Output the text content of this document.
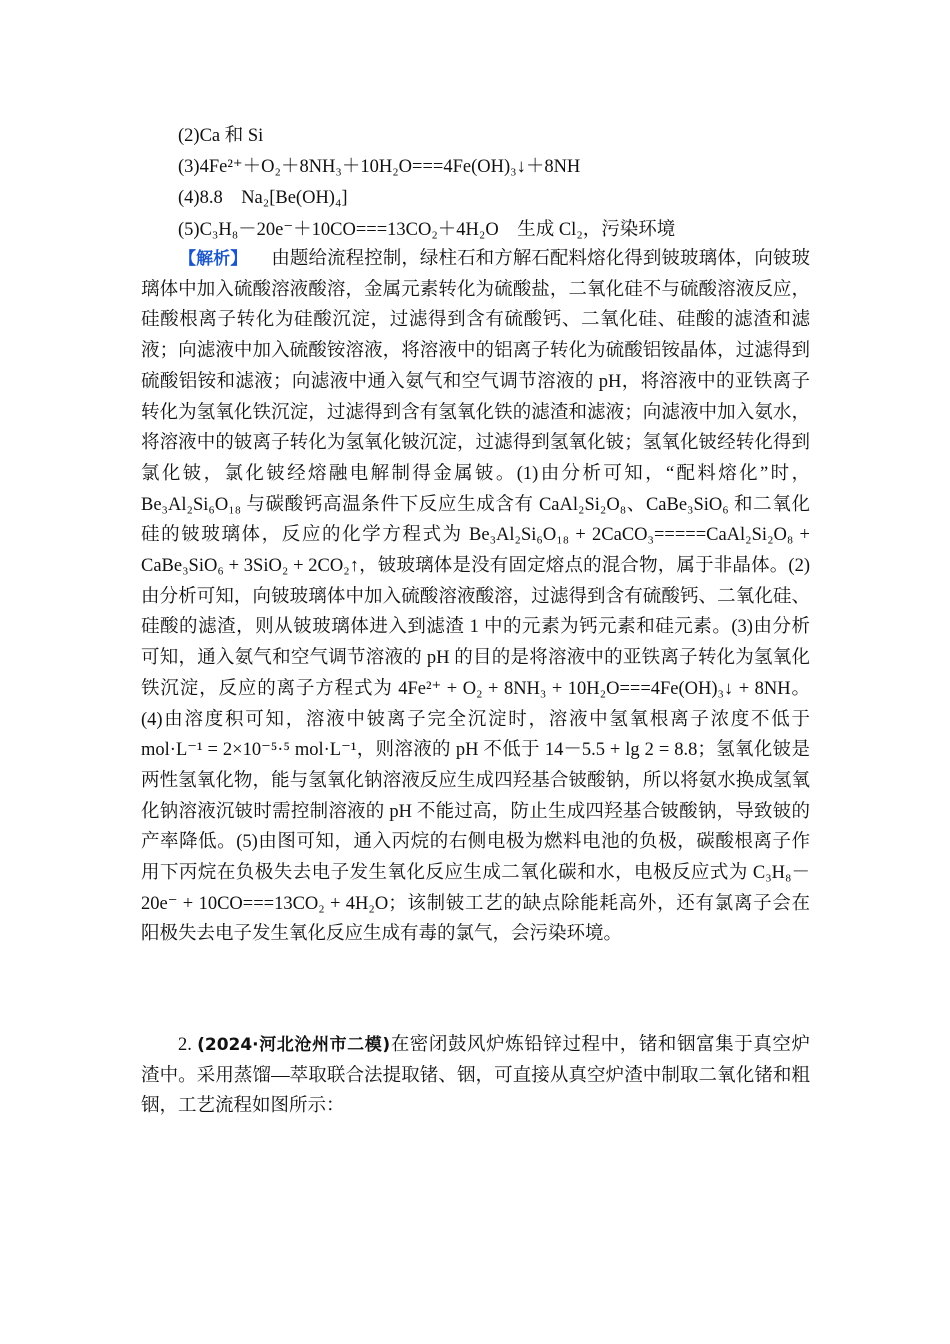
(2)Ca 和 Si
(3)4Fe²⁺＋O₂＋8NH₃＋10H₂O===4Fe(OH)₃↓＋8NH
(4)8.8　Na₂[Be(OH)₄]
(5)C₃H₈－20e⁻＋10CO===13CO₂＋4H₂O　生成 Cl₂，污染环境
【解析】 由题给流程控制，绿柱石和方解石配料熔化得到铍玻璃体，向铍玻璃体中加入硫酸溶液酸溶，金属元素转化为硫酸盐，二氧化硅不与硫酸溶液反应，硅酸根离子转化为硅酸沉淀，过滤得到含有硫酸钙、二氧化硅、硅酸的滤渣和滤液；向滤液中加入硫酸铵溶液，将溶液中的铝离子转化为硫酸铝铵晶体，过滤得到硫酸铝铵和滤液；向滤液中通入氨气和空气调节溶液的 pH，将溶液中的亚铁离子转化为氢氧化铁沉淀，过滤得到含有氢氧化铁的滤渣和滤液；向滤液中加入氨水，将溶液中的铍离子转化为氢氧化铍沉淀，过滤得到氢氧化铍；氢氧化铍经转化得到氯化铍，氯化铍经熔融电解制得金属铍。(1)由分析可知，“配料熔化”时，Be₃Al₂Si₆O₁₈ 与碳酸钙高温条件下反应生成含有 CaAl₂Si₂O₈、CaBe₃SiO₆ 和二氧化硅的铍玻璃体，反应的化学方程式为 Be₃Al₂Si₆O₁₈ + 2CaCO₃=====CaAl₂Si₂O₈ + CaBe₃SiO₆ + 3SiO₂ + 2CO₂↑，铍玻璃体是没有固定熔点的混合物，属于非晶体。(2)由分析可知，向铍玻璃体中加入硫酸溶液酸溶，过滤得到含有硫酸钙、二氧化硅、硅酸的滤渣，则从铍玻璃体进入到滤渣 1 中的元素为钙元素和硅元素。(3)由分析可知，通入氨气和空气调节溶液的 pH 的目的是将溶液中的亚铁离子转化为氢氧化铁沉淀，反应的离子方程式为 4Fe²⁺ + O₂ + 8NH₃ + 10H₂O===4Fe(OH)₃↓ + 8NH。(4)由溶度积可知，溶液中铍离子完全沉淀时，溶液中氢氧根离子浓度不低于 mol·L⁻¹ = 2×10⁻⁵·⁵ mol·L⁻¹，则溶液的 pH 不低于 14－5.5 + lg 2 = 8.8；氢氧化铍是两性氢氧化物，能与氢氧化钠溶液反应生成四羟基合铍酸钠，所以将氨水换成氢氧化钠溶液沉铍时需控制溶液的 pH 不能过高，防止生成四羟基合铍酸钠，导致铍的产率降低。(5)由图可知，通入丙烷的右侧电极为燃料电池的负极，碳酸根离子作用下丙烷在负极失去电子发生氧化反应生成二氧化碳和水，电极反应式为 C₃H₈－20e⁻ + 10CO===13CO₂ + 4H₂O；该制铍工艺的缺点除能耗高外，还有氯离子会在阳极失去电子发生氧化反应生成有毒的氯气，会污染环境。
2. (2024·河北沧州市二模)在密闭鼓风炉炼铅锌过程中，锗和铟富集于真空炉渣中。采用蒸馏—萃取联合法提取锗、铟，可直接从真空炉渣中制取二氧化锗和粗铟，工艺流程如图所示：
